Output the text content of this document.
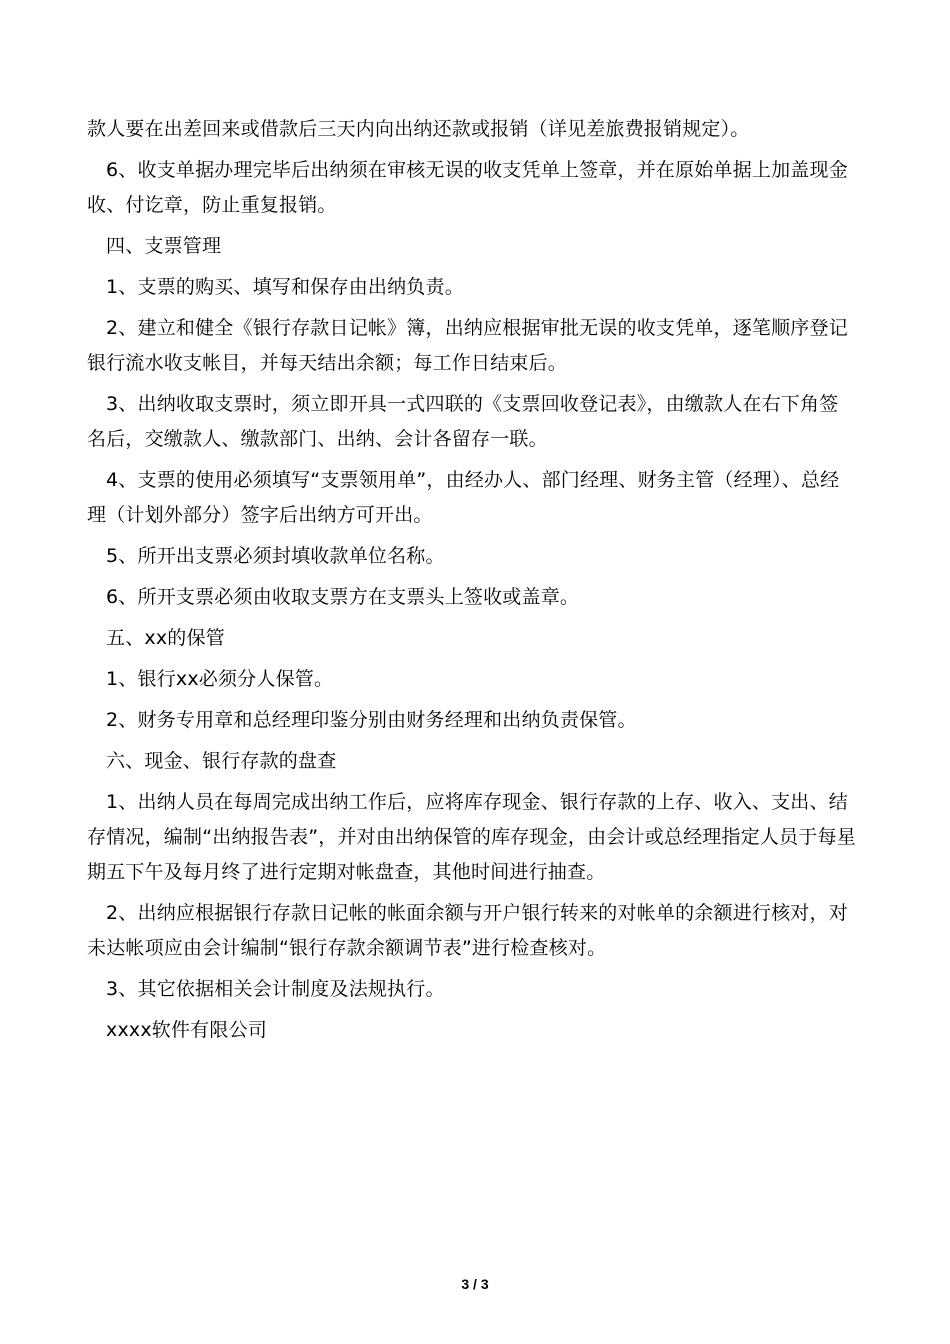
款人要在出差回来或借款后三天内向出纳还款或报销（详见差旅费报销规定）。

6、收支单据办理完毕后出纳须在审核无误的收支凭单上签章，并在原始单据上加盖现金收、付讫章，防止重复报销。

四、支票管理

1、支票的购买、填写和保存由出纳负责。

2、建立和健全《银行存款日记帐》簿，出纳应根据审批无误的收支凭单，逐笔顺序登记银行流水收支帐目，并每天结出余额；每工作日结束后。

3、出纳收取支票时，须立即开具一式四联的《支票回收登记表》，由缴款人在右下角签名后，交缴款人、缴款部门、出纳、会计各留存一联。

4、支票的使用必须填写“支票领用单”，由经办人、部门经理、财务主管（经理）、总经理（计划外部分）签字后出纳方可开出。

5、所开出支票必须封填收款单位名称。

6、所开支票必须由收取支票方在支票头上签收或盖章。

五、xx的保管

1、银行xx必须分人保管。

2、财务专用章和总经理印鉴分别由财务经理和出纳负责保管。

六、现金、银行存款的盘查

1、出纳人员在每周完成出纳工作后，应将库存现金、银行存款的上存、收入、支出、结存情况，编制“出纳报告表”，并对由出纳保管的库存现金，由会计或总经理指定人员于每星期五下午及每月终了进行定期对帐盘查，其他时间进行抽查。

2、出纳应根据银行存款日记帐的帐面余额与开户银行转来的对帐单的余额进行核对，对未达帐项应由会计编制“银行存款余额调节表”进行检查核对。

3、其它依据相关会计制度及法规执行。

xxxx软件有限公司

3 / 3
